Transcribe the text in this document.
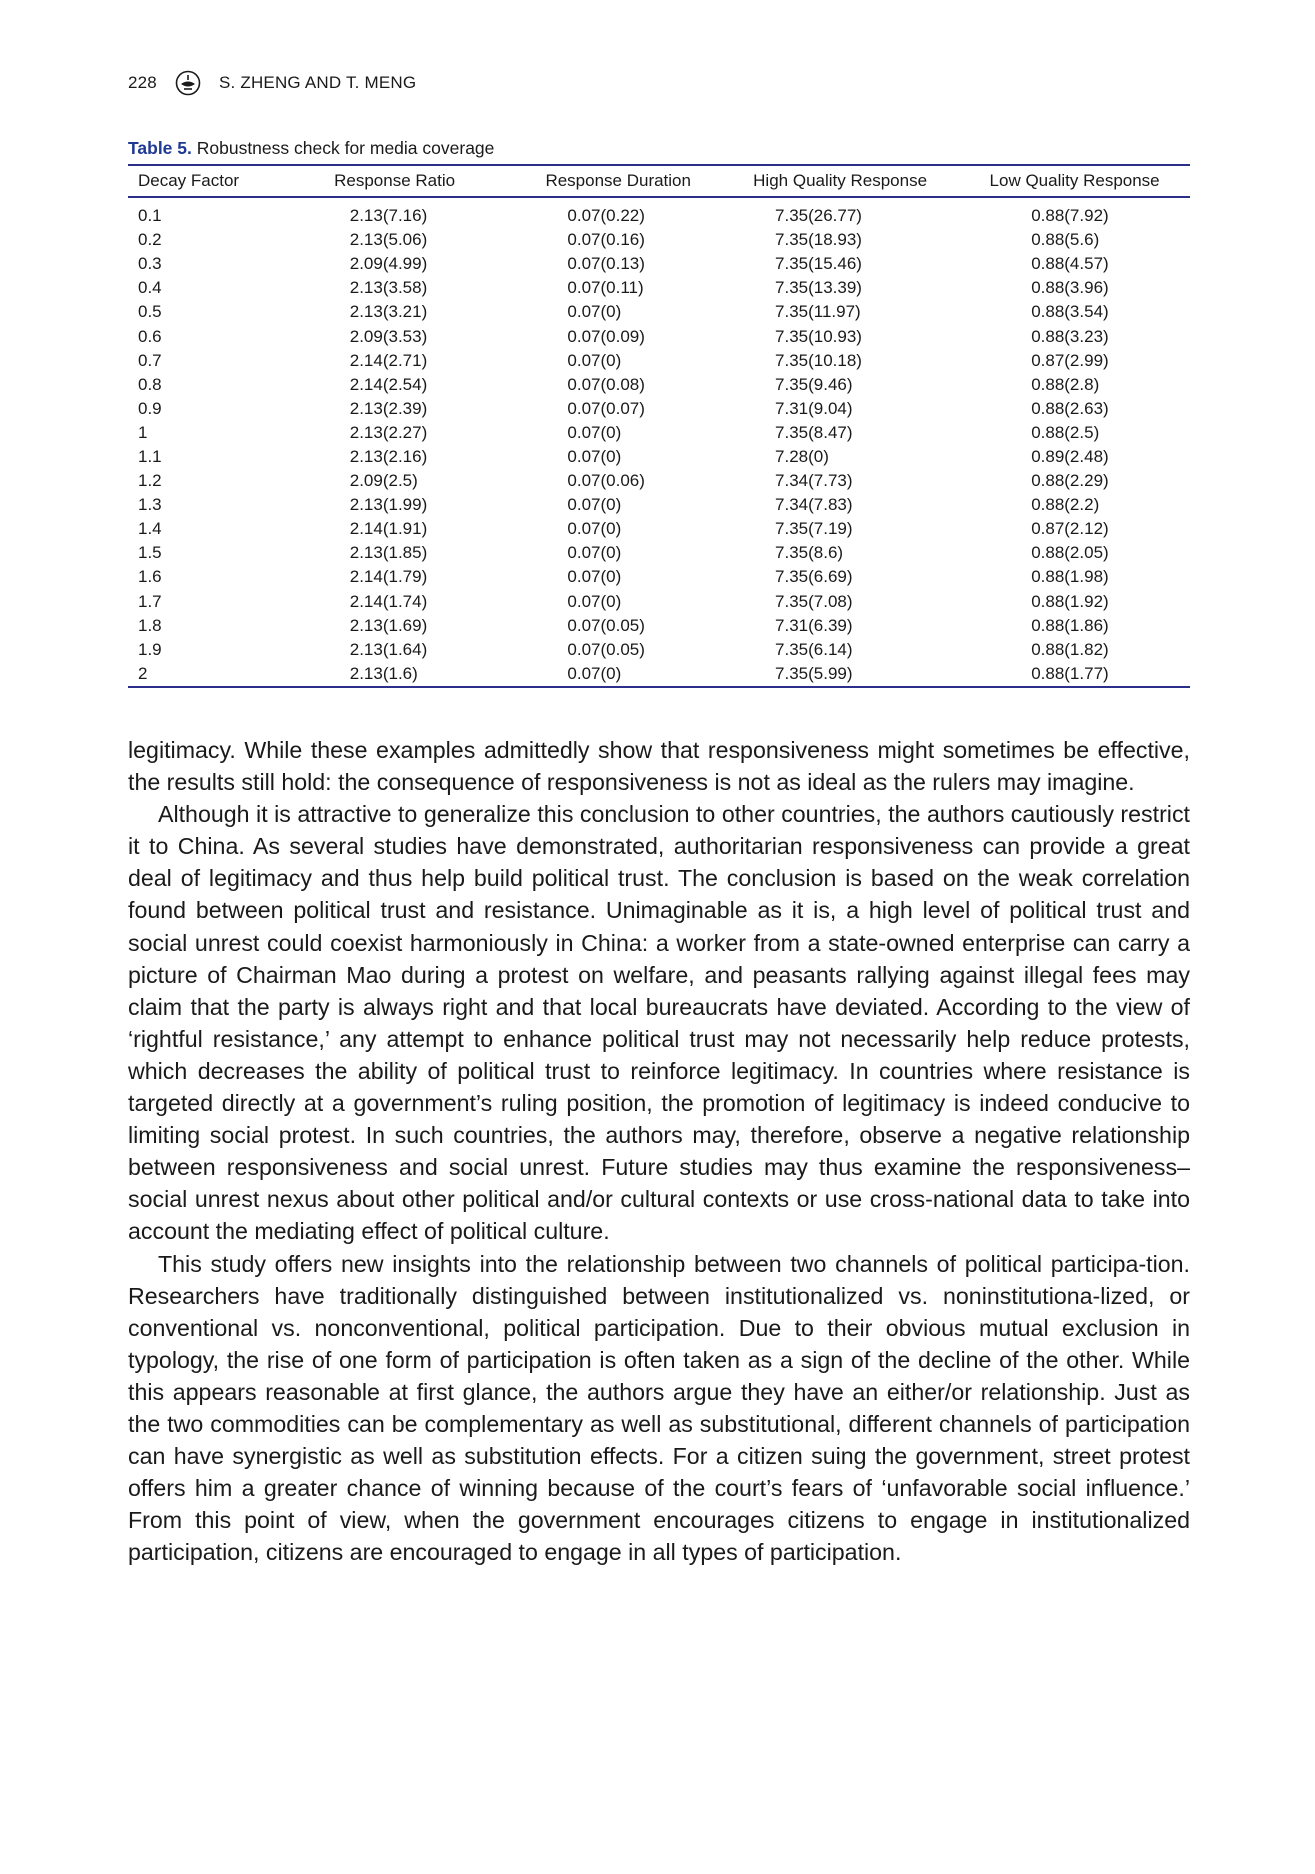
228	S. ZHENG AND T. MENG
Table 5. Robustness check for media coverage
Decay Factor	Response Ratio	Response Duration	High Quality Response	Low Quality Response
0.1	2.13(7.16)	0.07(0.22)	7.35(26.77)	0.88(7.92)
0.2	2.13(5.06)	0.07(0.16)	7.35(18.93)	0.88(5.6)
0.3	2.09(4.99)	0.07(0.13)	7.35(15.46)	0.88(4.57)
0.4	2.13(3.58)	0.07(0.11)	7.35(13.39)	0.88(3.96)
0.5	2.13(3.21)	0.07(0)	7.35(11.97)	0.88(3.54)
0.6	2.09(3.53)	0.07(0.09)	7.35(10.93)	0.88(3.23)
0.7	2.14(2.71)	0.07(0)	7.35(10.18)	0.87(2.99)
0.8	2.14(2.54)	0.07(0.08)	7.35(9.46)	0.88(2.8)
0.9	2.13(2.39)	0.07(0.07)	7.31(9.04)	0.88(2.63)
1	2.13(2.27)	0.07(0)	7.35(8.47)	0.88(2.5)
1.1	2.13(2.16)	0.07(0)	7.28(0)	0.89(2.48)
1.2	2.09(2.5)	0.07(0.06)	7.34(7.73)	0.88(2.29)
1.3	2.13(1.99)	0.07(0)	7.34(7.83)	0.88(2.2)
1.4	2.14(1.91)	0.07(0)	7.35(7.19)	0.87(2.12)
1.5	2.13(1.85)	0.07(0)	7.35(8.6)	0.88(2.05)
1.6	2.14(1.79)	0.07(0)	7.35(6.69)	0.88(1.98)
1.7	2.14(1.74)	0.07(0)	7.35(7.08)	0.88(1.92)
1.8	2.13(1.69)	0.07(0.05)	7.31(6.39)	0.88(1.86)
1.9	2.13(1.64)	0.07(0.05)	7.35(6.14)	0.88(1.82)
2	2.13(1.6)	0.07(0)	7.35(5.99)	0.88(1.77)

legitimacy. While these examples admittedly show that responsiveness might sometimes be effective, the results still hold: the consequence of responsiveness is not as ideal as the rulers may imagine.

Although it is attractive to generalize this conclusion to other countries, the authors cautiously restrict it to China. As several studies have demonstrated, authoritarian responsiveness can provide a great deal of legitimacy and thus help build political trust. The conclusion is based on the weak correlation found between political trust and resistance. Unimaginable as it is, a high level of political trust and social unrest could coexist harmoniously in China: a worker from a state-owned enterprise can carry a picture of Chairman Mao during a protest on welfare, and peasants rallying against illegal fees may claim that the party is always right and that local bureaucrats have deviated. According to the view of ‘rightful resistance,’ any attempt to enhance political trust may not necessarily help reduce protests, which decreases the ability of political trust to reinforce legitimacy. In countries where resistance is targeted directly at a government’s ruling position, the promotion of legitimacy is indeed conducive to limiting social protest. In such countries, the authors may, therefore, observe a negative relationship between responsiveness and social unrest. Future studies may thus examine the responsiveness–social unrest nexus about other political and/or cultural contexts or use cross-national data to take into account the mediating effect of political culture.

This study offers new insights into the relationship between two channels of political participa-tion. Researchers have traditionally distinguished between institutionalized vs. noninstitutiona-lized, or conventional vs. nonconventional, political participation. Due to their obvious mutual exclusion in typology, the rise of one form of participation is often taken as a sign of the decline of the other. While this appears reasonable at first glance, the authors argue they have an either/or relationship. Just as the two commodities can be complementary as well as substitutional, different channels of participation can have synergistic as well as substitution effects. For a citizen suing the government, street protest offers him a greater chance of winning because of the court’s fears of ‘unfavorable social influence.’ From this point of view, when the government encourages citizens to engage in institutionalized participation, citizens are encouraged to engage in all types of participation.
